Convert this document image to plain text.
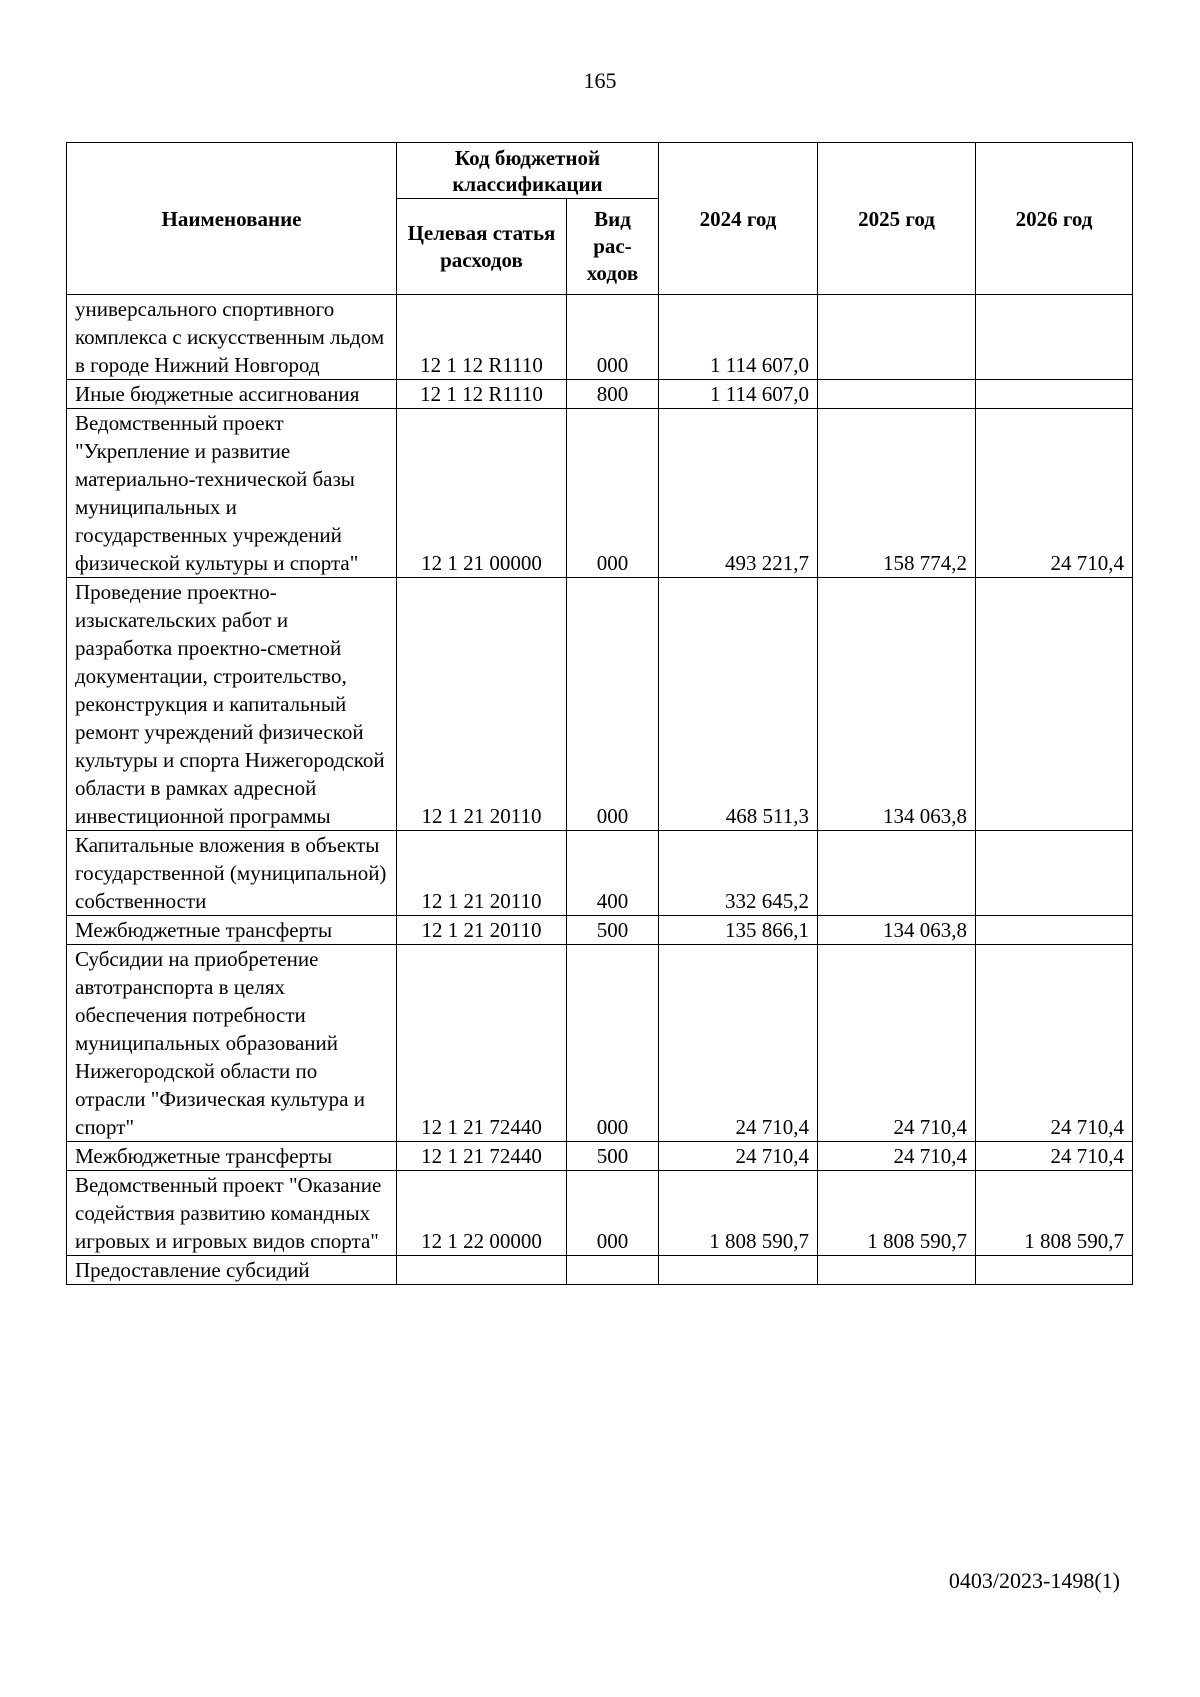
165
Наименование	Код бюджетной классификации		2024 год	2025 год	2026 год
	Целевая статья расходов	Вид рас-ходов			
универсального спортивного комплекса с искусственным льдом в городе Нижний Новгород	12 1 12 R1110	000	1 114 607,0		
Иные бюджетные ассигнования	12 1 12 R1110	800	1 114 607,0		
Ведомственный проект "Укрепление и развитие материально-технической базы муниципальных и государственных учреждений физической культуры и спорта"	12 1 21 00000	000	493 221,7	158 774,2	24 710,4
Проведение проектно-изыскательских работ и разработка проектно-сметной документации, строительство, реконструкция и капитальный ремонт учреждений физической культуры и спорта Нижегородской области в рамках адресной инвестиционной программы	12 1 21 20110	000	468 511,3	134 063,8	
Капитальные вложения в объекты государственной (муниципальной) собственности	12 1 21 20110	400	332 645,2		
Межбюджетные трансферты	12 1 21 20110	500	135 866,1	134 063,8	
Субсидии на приобретение автотранспорта в целях обеспечения потребности муниципальных образований Нижегородской области по отрасли "Физическая культура и спорт"	12 1 21 72440	000	24 710,4	24 710,4	24 710,4
Межбюджетные трансферты	12 1 21 72440	500	24 710,4	24 710,4	24 710,4
Ведомственный проект "Оказание содействия развитию командных игровых и игровых видов спорта"	12 1 22 00000	000	1 808 590,7	1 808 590,7	1 808 590,7
Предоставление субсидий					
0403/2023-1498(1)
